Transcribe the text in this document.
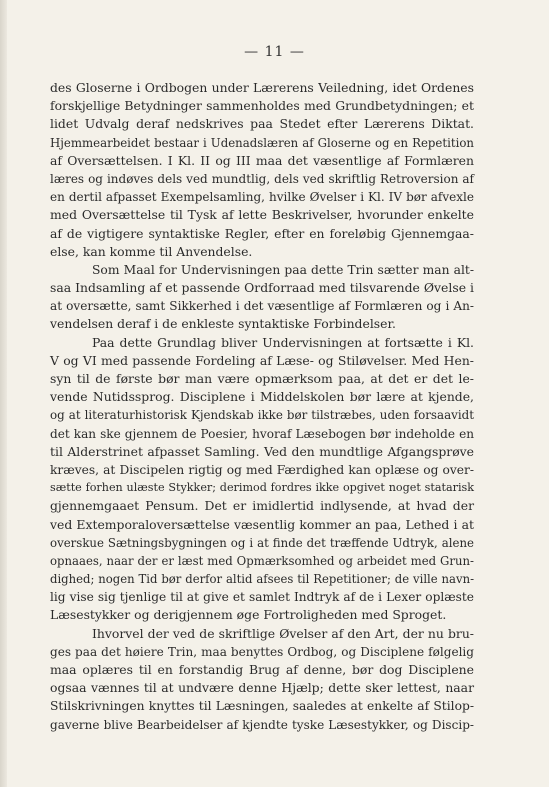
— 11 —
des Gloserne i Ordbogen under Lærerens Veiledning, idet Ordenes
forskjellige Betydninger sammenholdes med Grundbetydningen; et
lidet Udvalg deraf nedskrives paa Stedet efter Lærerens Diktat.
Hjemmearbeidet bestaar i Udenadslæren af Gloserne og en Repetition
af Oversættelsen. I Kl. II og III maa det væsentlige af Formlæren
læres og indøves dels ved mundtlig, dels ved skriftlig Retroversion af
en dertil afpasset Exempelsamling, hvilke Øvelser i Kl. IV bør afvexle
med Oversættelse til Tysk af lette Beskrivelser, hvorunder enkelte
af de vigtigere syntaktiske Regler, efter en foreløbig Gjennemgaa-
else, kan komme til Anvendelse.
Som Maal for Undervisningen paa dette Trin sætter man alt-
saa Indsamling af et passende Ordforraad med tilsvarende Øvelse i
at oversætte, samt Sikkerhed i det væsentlige af Formlæren og i An-
vendelsen deraf i de enkleste syntaktiske Forbindelser.
Paa dette Grundlag bliver Undervisningen at fortsætte i Kl.
V og VI med passende Fordeling af Læse- og Stiløvelser. Med Hen-
syn til de første bør man være opmærksom paa, at det er det le-
vende Nutidssprog. Disciplene i Middelskolen bør lære at kjende,
og at literaturhistorisk Kjendskab ikke bør tilstræbes, uden forsaavidt
det kan ske gjennem de Poesier, hvoraf Læsebogen bør indeholde en
til Alderstrinet afpasset Samling. Ved den mundtlige Afgangsprøve
kræves, at Discipelen rigtig og med Færdighed kan oplæse og over-
sætte forhen ulæste Stykker; derimod fordres ikke opgivet noget statarisk
gjennemgaaet Pensum. Det er imidlertid indlysende, at hvad der
ved Extemporaloversættelse væsentlig kommer an paa, Lethed i at
overskue Sætningsbygningen og i at finde det træffende Udtryk, alene
opnaaes, naar der er læst med Opmærksomhed og arbeidet med Grun-
dighed; nogen Tid bør derfor altid afsees til Repetitioner; de ville navn-
lig vise sig tjenlige til at give et samlet Indtryk af de i Lexer oplæste
Læsestykker og derigjennem øge Fortroligheden med Sproget.
Ihvorvel der ved de skriftlige Øvelser af den Art, der nu bru-
ges paa det høiere Trin, maa benyttes Ordbog, og Disciplene følgelig
maa oplæres til en forstandig Brug af denne, bør dog Disciplene
ogsaa vænnes til at undvære denne Hjælp; dette sker lettest, naar
Stilskrivningen knyttes til Læsningen, saaledes at enkelte af Stilop-
gaverne blive Bearbeidelser af kjendte tyske Læsestykker, og Discip-
